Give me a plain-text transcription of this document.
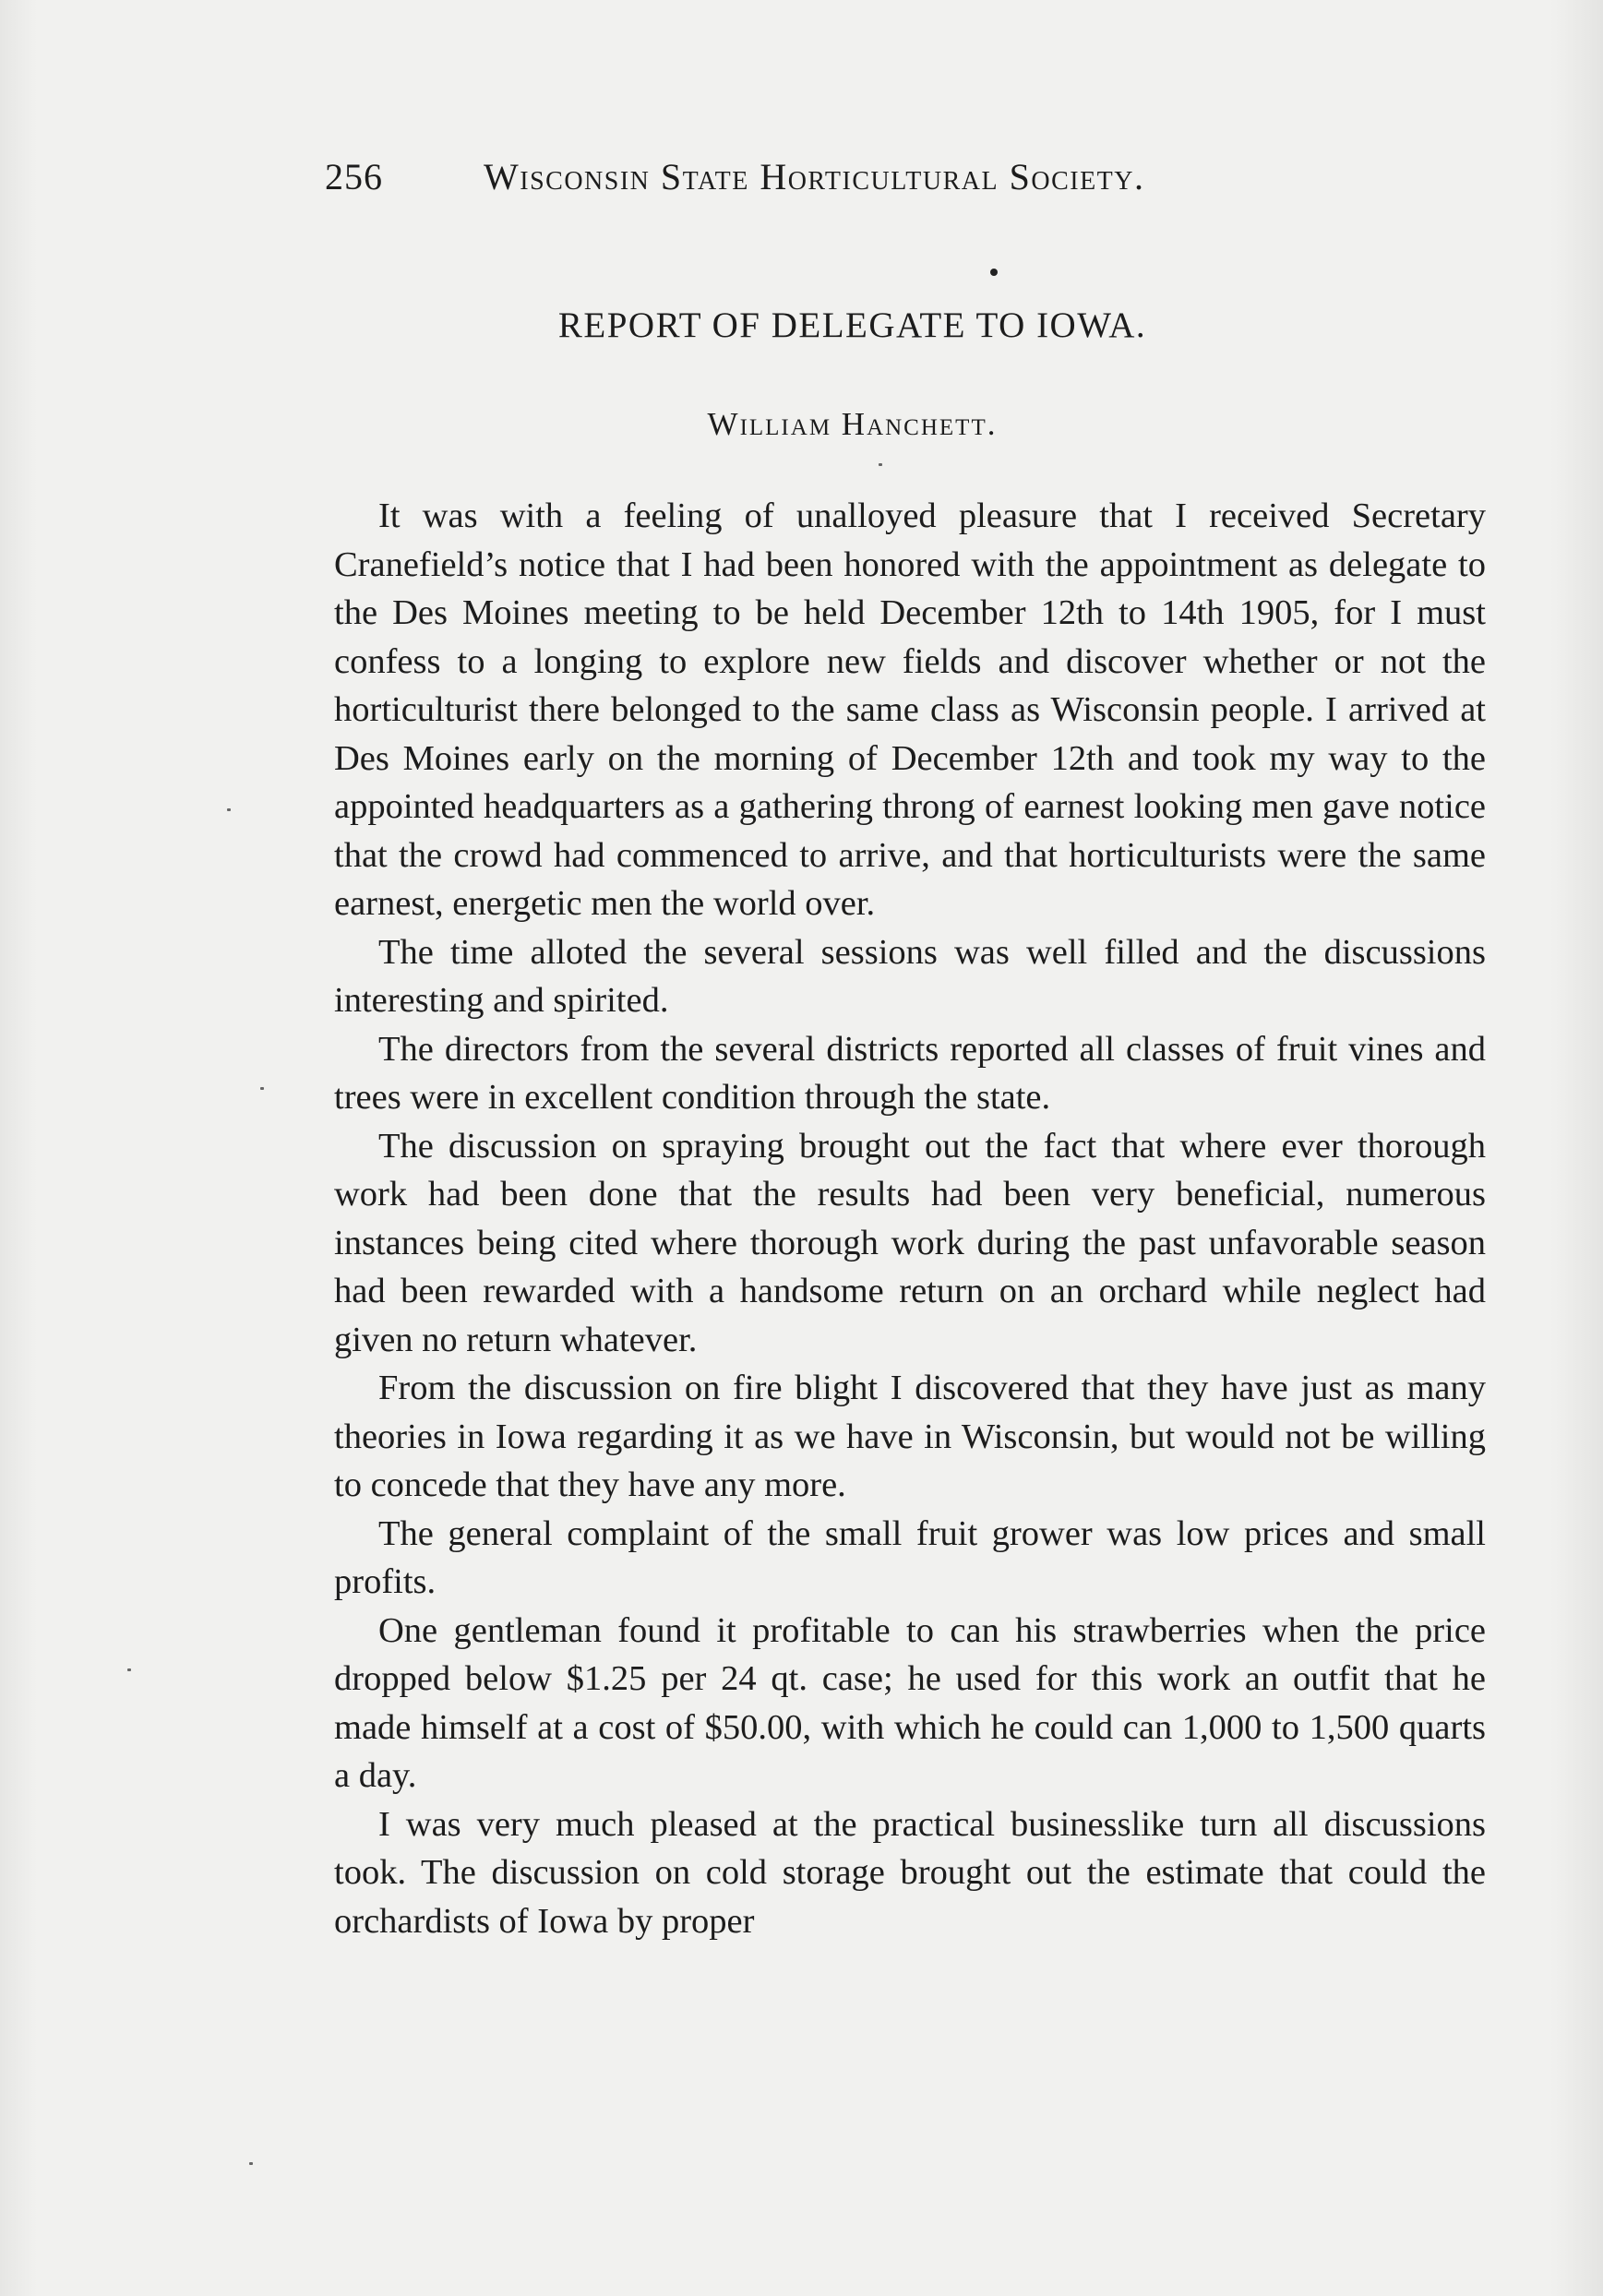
256	Wisconsin State Horticultural Society.
REPORT OF DELEGATE TO IOWA.
William Hanchett.

It was with a feeling of unalloyed pleasure that I received Secretary Cranefield’s notice that I had been honored with the appointment as delegate to the Des Moines meeting to be held December 12th to 14th 1905, for I must confess to a longing to explore new fields and discover whether or not the horticulturist there belonged to the same class as Wisconsin people. I arrived at Des Moines early on the morning of December 12th and took my way to the appointed headquarters as a gathering throng of earnest looking men gave notice that the crowd had commenced to arrive, and that horticulturists were the same earnest, energetic men the world over.

The time alloted the several sessions was well filled and the discussions interesting and spirited.

The directors from the several districts reported all classes of fruit vines and trees were in excellent condition through the state.

The discussion on spraying brought out the fact that where ever thorough work had been done that the results had been very beneficial, numerous instances being cited where thorough work during the past unfavorable season had been rewarded with a handsome return on an orchard while neglect had given no return whatever.

From the discussion on fire blight I discovered that they have just as many theories in Iowa regarding it as we have in Wisconsin, but would not be willing to concede that they have any more.

The general complaint of the small fruit grower was low prices and small profits.

One gentleman found it profitable to can his strawberries when the price dropped below $1.25 per 24 qt. case; he used for this work an outfit that he made himself at a cost of $50.00, with which he could can 1,000 to 1,500 quarts a day.

I was very much pleased at the practical businesslike turn all discussions took. The discussion on cold storage brought out the estimate that could the orchardists of Iowa by proper
